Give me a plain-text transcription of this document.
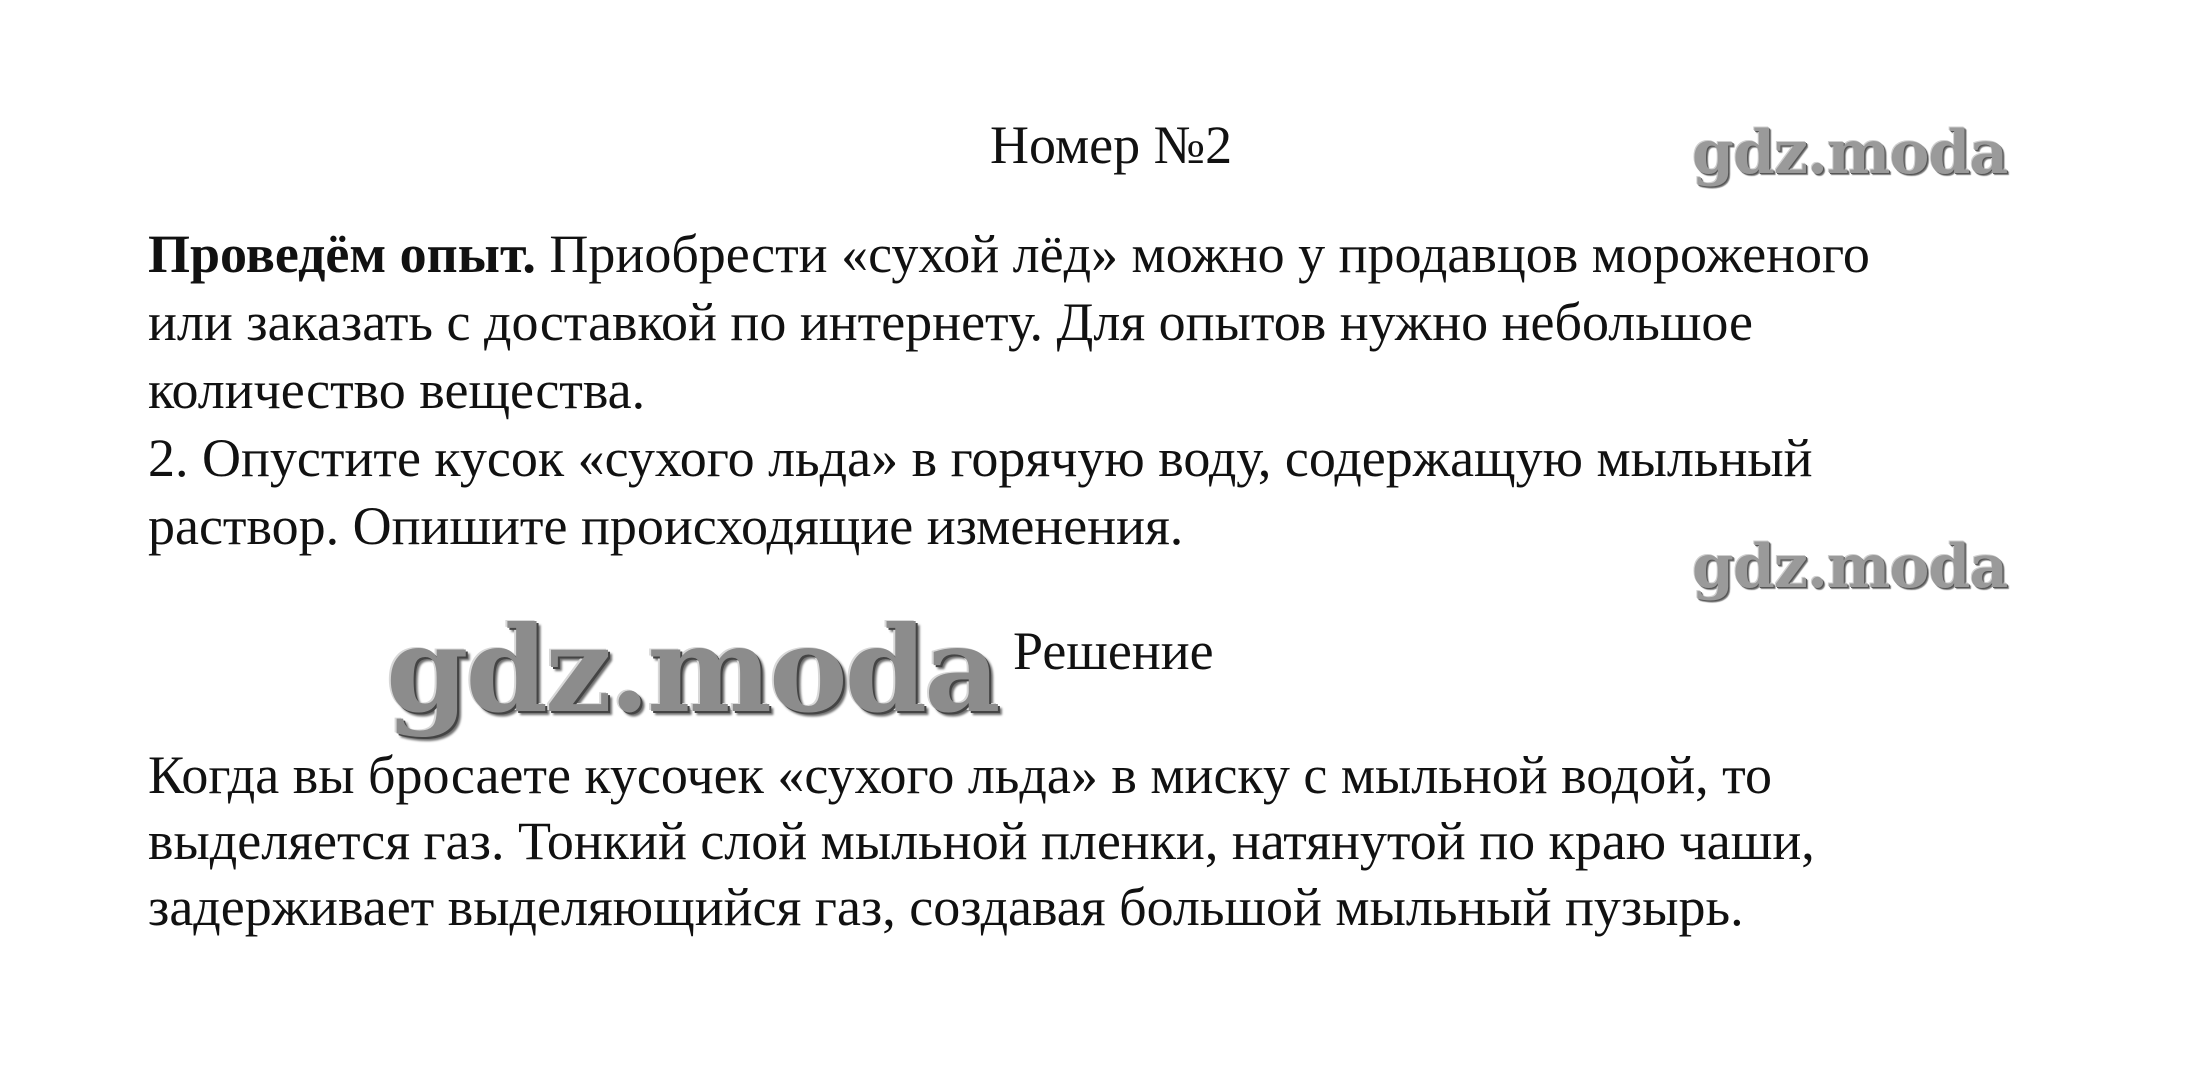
Номер №2	gdz.moda

Проведём опыт. Приобрести «сухой лёд» можно у продавцов мороженого

или заказать с доставкой по интернету. Для опытов нужно небольшое

количество вещества.

2. Опустите кусок «сухого льда» в горячую воду, содержащую мыльный

раствор. Опишите происходящие изменения.

gdz.moda
gdz.moda Решение

Когда вы бросаете кусочек «сухого льда» в миску с мыльной водой, то

выделяется газ. Тонкий слой мыльной пленки, натянутой по краю чаши,

задерживает выделяющийся газ, создавая большой мыльный пузырь.
